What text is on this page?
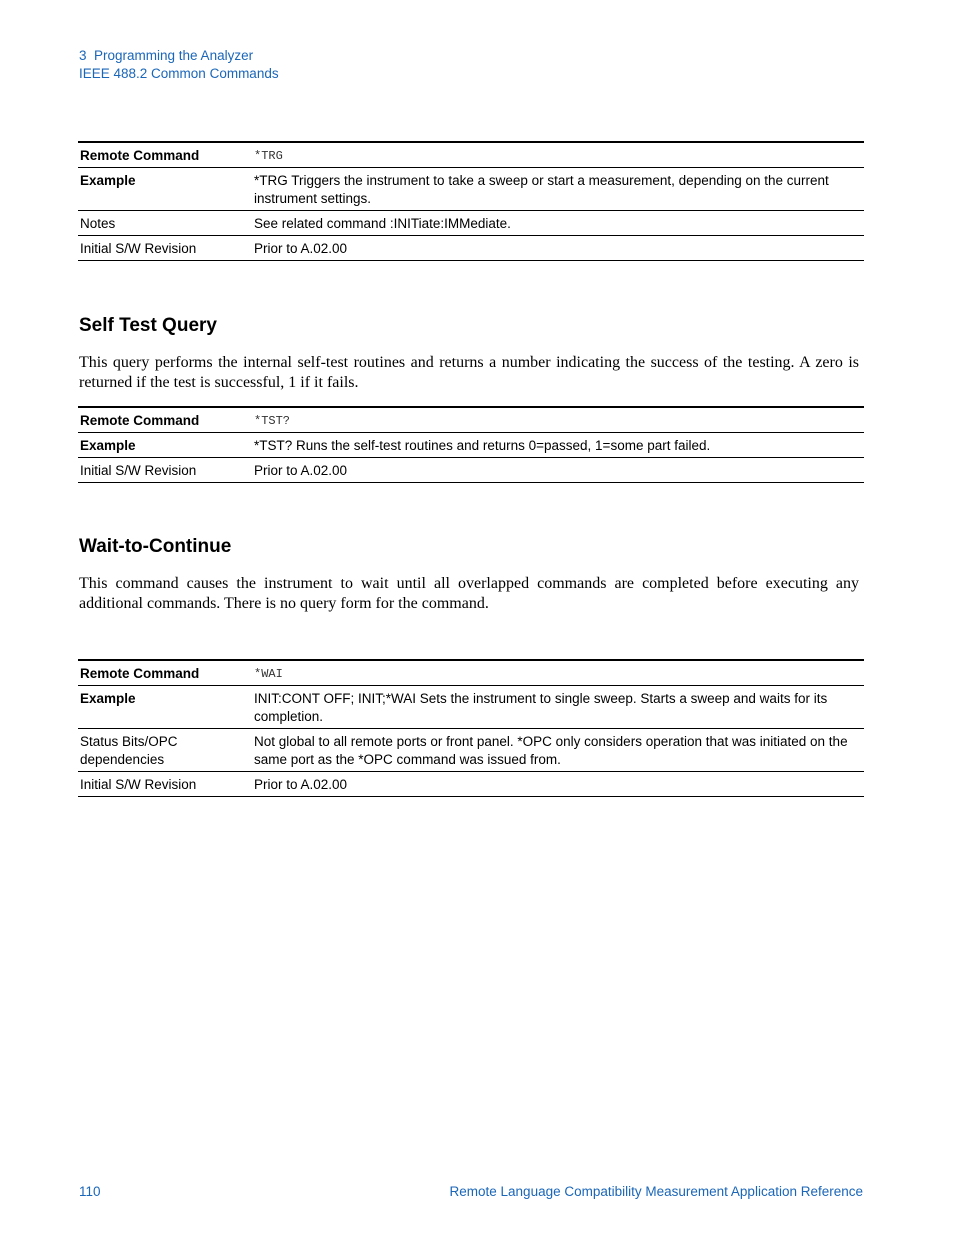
3  Programming the Analyzer
IEEE 488.2 Common Commands
Remote Command	*TRG
Example	*TRG Triggers the instrument to take a sweep or start a measurement, depending on the current instrument settings.
Notes	See related command :INITiate:IMMediate.
Initial S/W Revision	Prior to A.02.00
Self Test Query

This query performs the internal self-test routines and returns a number indicating the success of the testing. A zero is returned if the test is successful, 1 if it fails.

Remote Command	*TST?
Example	*TST? Runs the self-test routines and returns 0=passed, 1=some part failed.
Initial S/W Revision	Prior to A.02.00
Wait-to-Continue

This command causes the instrument to wait until all overlapped commands are completed before executing any additional commands. There is no query form for the command.

Remote Command	*WAI
Example	INIT:CONT OFF; INIT;*WAI Sets the instrument to single sweep. Starts a sweep and waits for its completion.
Status Bits/OPC dependencies	Not global to all remote ports or front panel. *OPC only considers operation that was initiated on the same port as the *OPC command was issued from.
Initial S/W Revision	Prior to A.02.00
110	Remote Language Compatibility Measurement Application Reference
